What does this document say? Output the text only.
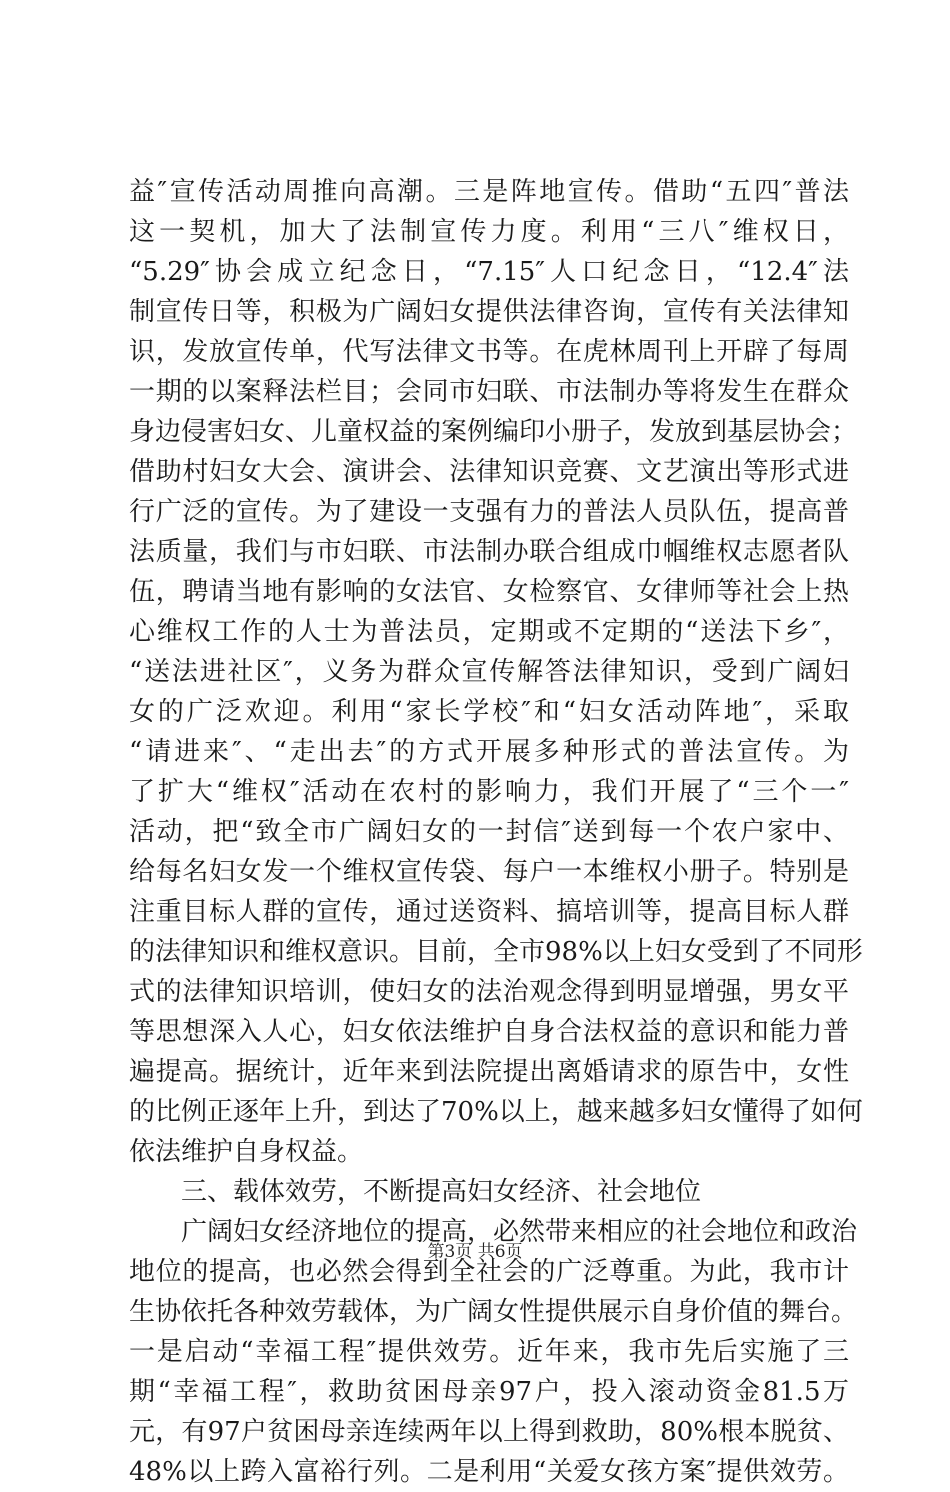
益″宣传活动周推向高潮。三是阵地宣传。借助“五四″普法
这一契机，加大了法制宣传力度。利用“三八″维权日，
“5.29″协会成立纪念日，“7.15″人口纪念日，“12.4″法
制宣传日等，积极为广阔妇女提供法律咨询，宣传有关法律知
识，发放宣传单，代写法律文书等。在虎林周刊上开辟了每周
一期的以案释法栏目；会同市妇联、市法制办等将发生在群众
身边侵害妇女、儿童权益的案例编印小册子，发放到基层协会；
借助村妇女大会、演讲会、法律知识竞赛、文艺演出等形式进
行广泛的宣传。为了建设一支强有力的普法人员队伍，提高普
法质量，我们与市妇联、市法制办联合组成巾帼维权志愿者队
伍，聘请当地有影响的女法官、女检察官、女律师等社会上热
心维权工作的人士为普法员，定期或不定期的“送法下乡″，
“送法进社区″，义务为群众宣传解答法律知识，受到广阔妇
女的广泛欢迎。利用“家长学校″和“妇女活动阵地″，采取
“请进来″、“走出去″的方式开展多种形式的普法宣传。为
了扩大“维权″活动在农村的影响力，我们开展了“三个一″
活动，把“致全市广阔妇女的一封信″送到每一个农户家中、
给每名妇女发一个维权宣传袋、每户一本维权小册子。特别是
注重目标人群的宣传，通过送资料、搞培训等，提高目标人群
的法律知识和维权意识。目前，全市98%以上妇女受到了不同形
式的法律知识培训，使妇女的法治观念得到明显增强，男女平
等思想深入人心，妇女依法维护自身合法权益的意识和能力普
遍提高。据统计，近年来到法院提出离婚请求的原告中，女性
的比例正逐年上升，到达了70%以上，越来越多妇女懂得了如何
依法维护自身权益。
三、载体效劳，不断提高妇女经济、社会地位
广阔妇女经济地位的提高，必然带来相应的社会地位和政治
地位的提高，也必然会得到全社会的广泛尊重。为此，我市计
生协依托各种效劳载体，为广阔女性提供展示自身价值的舞台。
一是启动“幸福工程″提供效劳。近年来，我市先后实施了三
期“幸福工程″，救助贫困母亲97户，投入滚动资金81.5万
元，有97户贫困母亲连续两年以上得到救助，80%根本脱贫、
48%以上跨入富裕行列。二是利用“关爱女孩方案″提供效劳。
第3页 共6页
